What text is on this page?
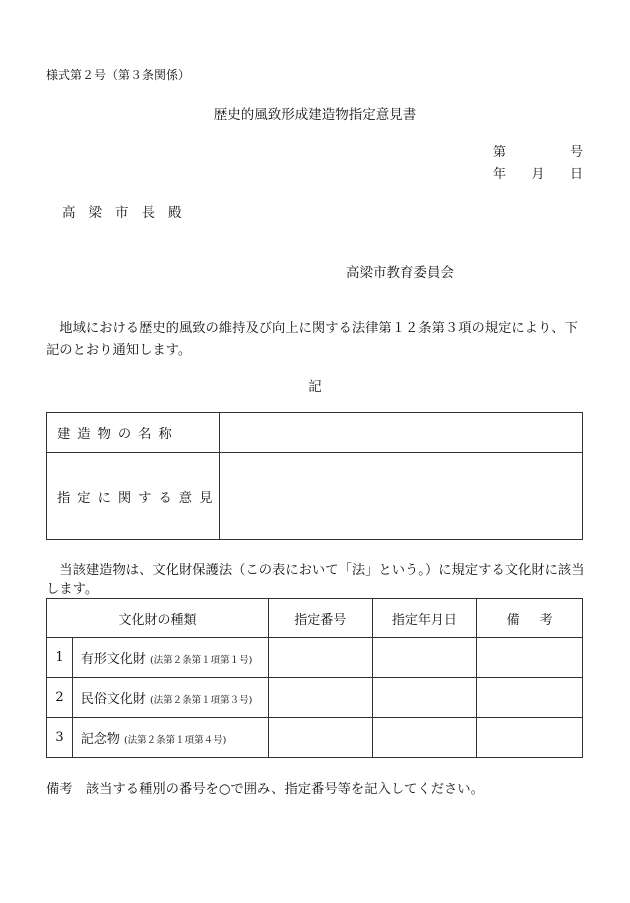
様式第２号（第３条関係）
歴史的風致形成建造物指定意見書
第	号
年 月 日
高梁市長殿
高梁市教育委員会
地域における歴史的風致の維持及び向上に関する法律第１２条第３項の規定により、下記のとおり通知します。
記
建造物の名称	
指定に関する意見	
当該建造物は、文化財保護法（この表において「法」という。）に規定する文化財に該当します。
文化財の種類		指定番号	指定年月日	備考
1	有形文化財 (法第２条第１項第１号)			
2	民俗文化財 (法第２条第１項第３号)			
3	記念物 (法第２条第１項第４号)			
備考　該当する種別の番号を○で囲み、指定番号等を記入してください。
